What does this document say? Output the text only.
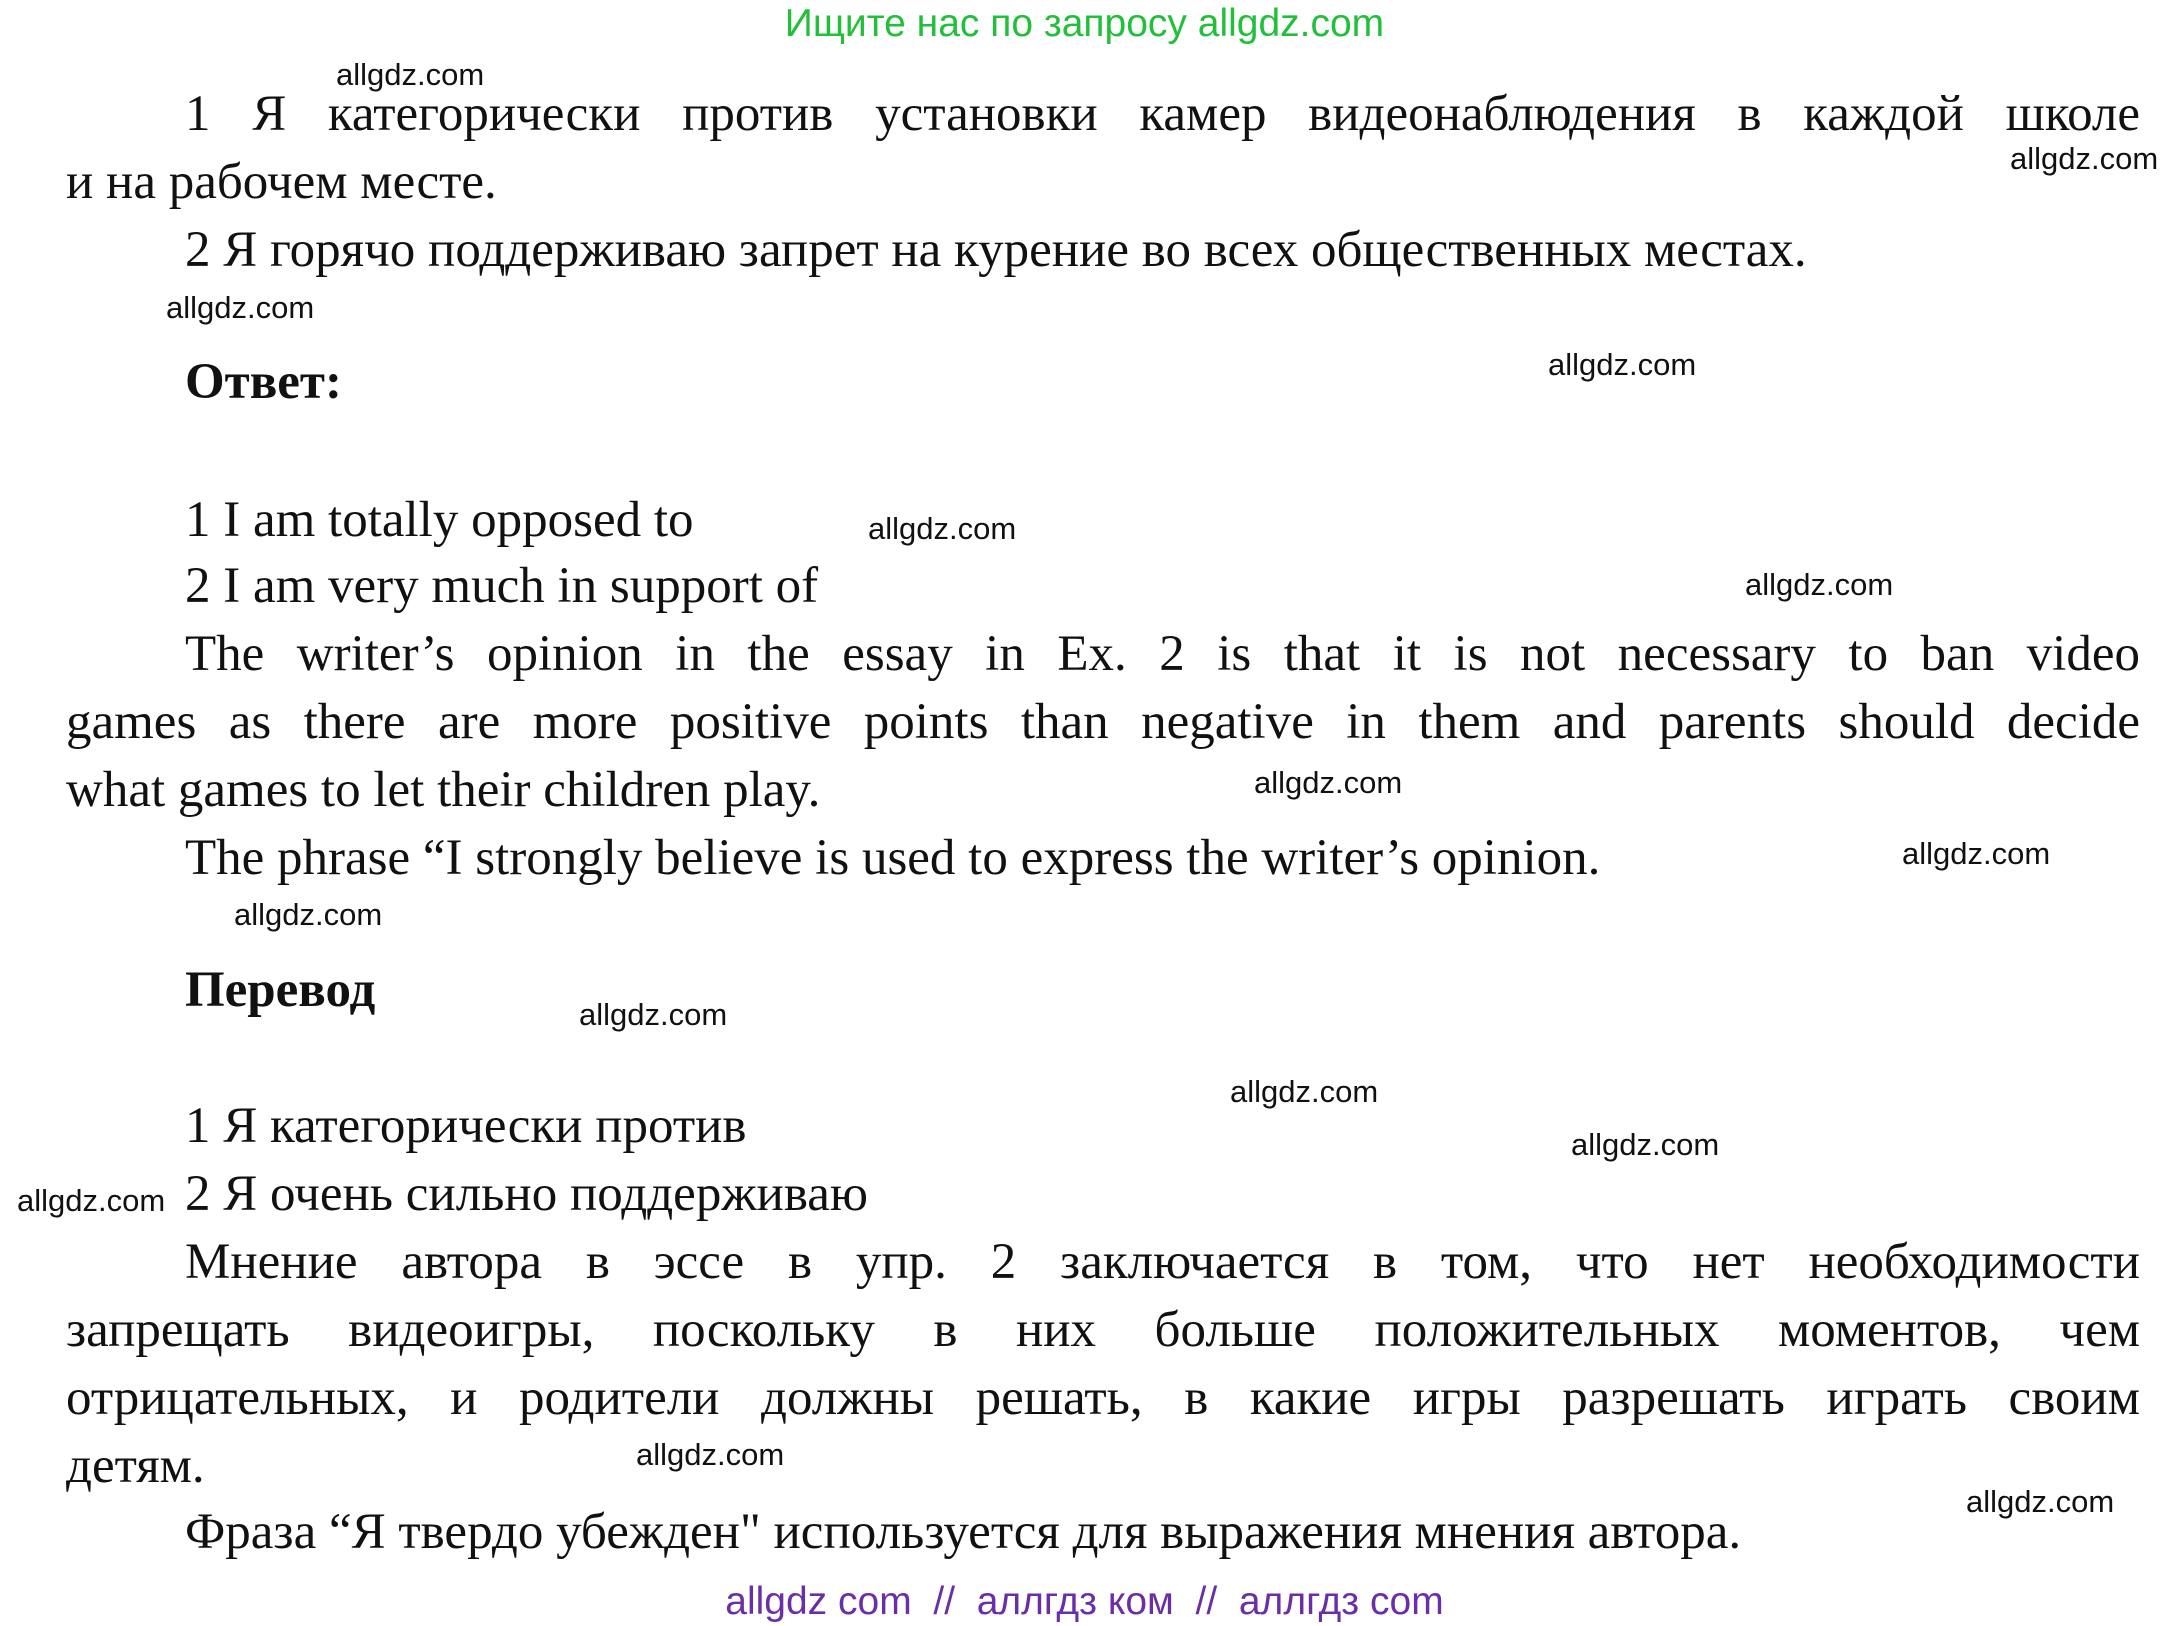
Ищите нас по запросу allgdz.com
1 Я категорически против установки камер видеонаблюдения в каждой школе
и на рабочем месте.
2 Я горячо поддерживаю запрет на курение во всех общественных местах.
Ответ:
1 I am totally opposed to
2 I am very much in support of
The writer’s opinion in the essay in Ex. 2 is that it is not necessary to ban video
games as there are more positive points than negative in them and parents should decide
what games to let their children play.
The phrase “I strongly believe is used to express the writer’s opinion.
Перевод
1 Я категорически против
2 Я очень сильно поддерживаю
Мнение автора в эссе в упр. 2 заключается в том, что нет необходимости
запрещать видеоигры, поскольку в них больше положительных моментов, чем
отрицательных, и родители должны решать, в какие игры разрешать играть своим
детям.
Фраза “Я твердо убежден" используется для выражения мнения автора.
allgdz.com
allgdz.com
allgdz.com
allgdz.com
allgdz.com
allgdz.com
allgdz.com
allgdz.com
allgdz.com
allgdz.com
allgdz.com
allgdz.com
allgdz.com
allgdz.com
allgdz.com
allgdz com  //  аллгдз ком  //  аллгдз com
